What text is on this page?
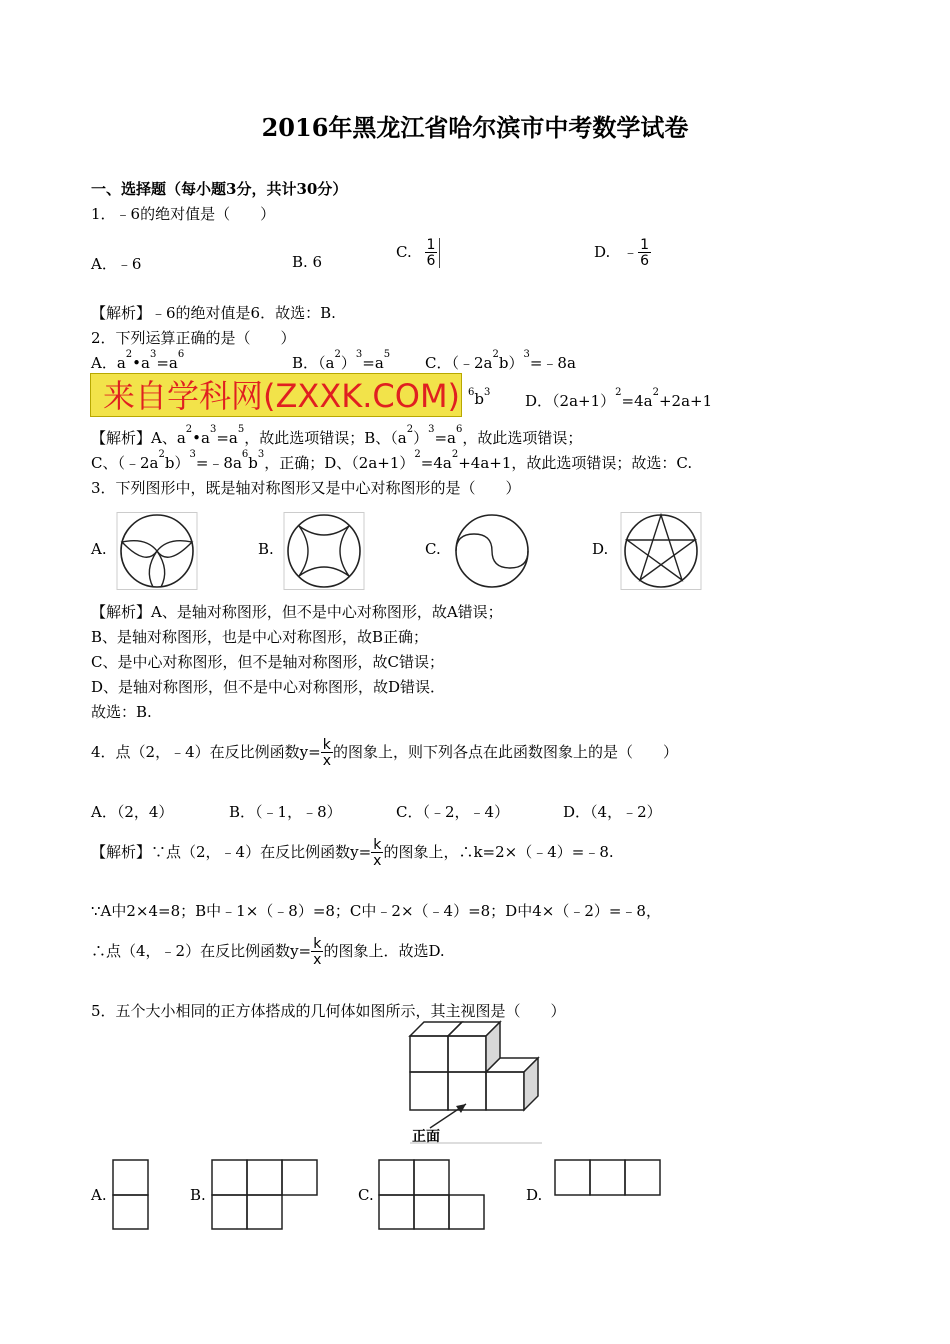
2016年黑龙江省哈尔滨市中考数学试卷
一、选择题（每小题3分，共计30分）
1．﹣6的绝对值是（　　）
A．﹣6	B. 6
C. $\frac{1}{6}$	D. ﹣ $\frac{1}{6}$
【解析】﹣6的绝对值是6．故选：B.
2．下列运算正确的是（　　）
A．$a^2•a^3=a^6$	B．$(a^2)^3=a^5$ C．$(﹣2a^2b)^3=﹣8a$
来自学科网(ZXXK.COM) $^6b^3$ D．$(2a+1)^2=4a^2+2a+1$
【解析】A、$a^2•a^3=a^5$，故此选项错误；B、$(a^2)^3=a^6$，故此选项错误；
C、$(﹣2a^2b)^3=﹣8a^6b^3$，正确；D、$(2a+1)^2=4a^2+4a+1$，故此选项错误；故选：C.
3．下列图形中，既是轴对称图形又是中心对称图形的是（　　）
A.	B.	C.	D.
【解析】A、是轴对称图形，但不是中心对称图形，故A错误；
B、是轴对称图形，也是中心对称图形，故B正确；
C、是中心对称图形，但不是轴对称图形，故C错误；
D、是轴对称图形，但不是中心对称图形，故D错误．
故选：B.
4．点（2，﹣4）在反比例函数$y= \frac{k}{x}$ 的图象上，则下列各点在此函数图象上的是（　　）
A．（2，4）	B．（﹣1，﹣8）	C．（﹣2，﹣4）	D．（4，﹣2）
【解析】∵点（2，﹣4）在反比例函数$y= \frac{k}{x}$ 的图象上，∴k=2×（﹣4）=﹣8.
∵A中2×4=8；B中﹣1×（﹣8）=8；C中﹣2×（﹣4）=8；D中4×（﹣2）=﹣8，
∴点（4，﹣2）在反比例函数$y= \frac{k}{x}$ 的图象上．故选D.
5．五个大小相同的正方体搭成的几何体如图所示，其主视图是（　　）
正面
A.	B.	C.	D.
